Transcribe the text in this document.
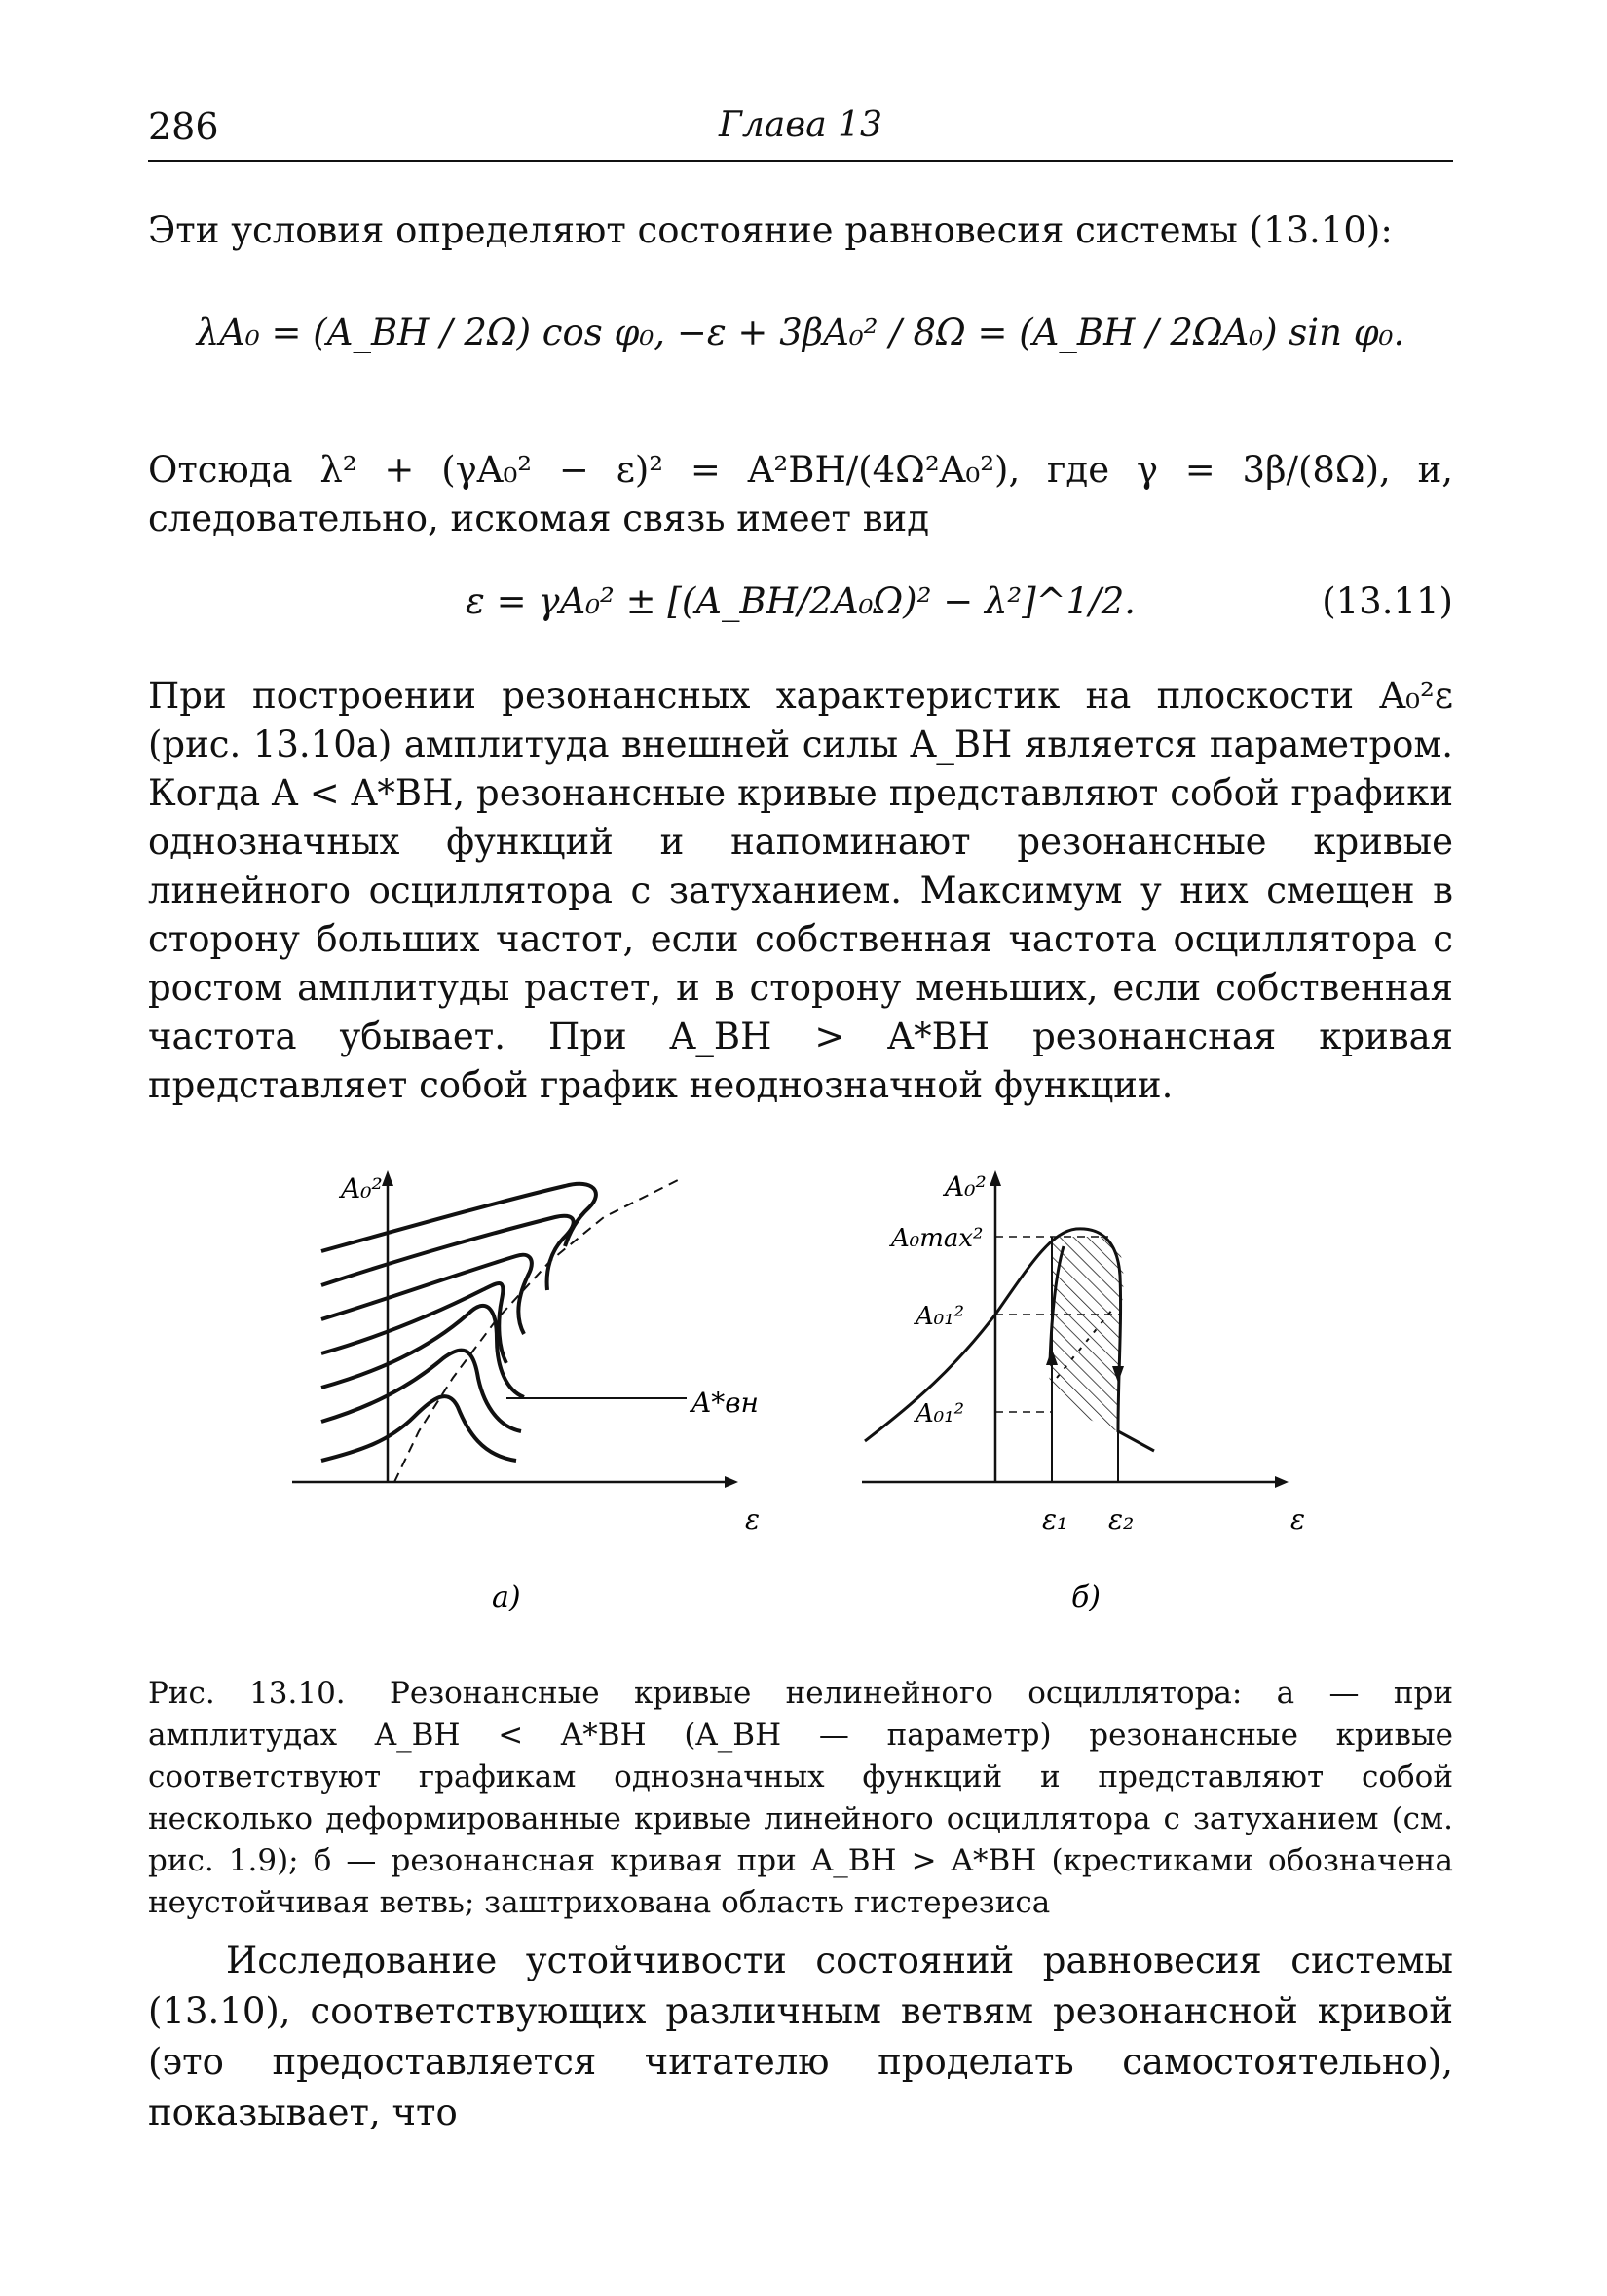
286	Глава 13

Эти условия определяют состояние равновесия системы (13.10):

λA₀ = (A_ВН / 2Ω) cos φ₀, −ε + 3βA₀² / 8Ω = (A_ВН / 2ΩA₀) sin φ₀.

Отсюда λ² + (γA₀² − ε)² = A²ВН/(4Ω²A₀²), где γ = 3β/(8Ω), и, следовательно, искомая связь имеет вид

ε = γA₀² ± [(A_ВН/2A₀Ω)² − λ²]^1/2.	(13.11)

При построении резонансных характеристик на плоскости A₀²ε (рис. 13.10а) амплитуда внешней силы A_ВН является параметром. Когда A < A*ВН, резонансные кривые представляют собой графики однозначных функций и напоминают резонансные кривые линейного осциллятора с затуханием. Максимум у них смещен в сторону больших частот, если собственная частота осциллятора с ростом амплитуды растет, и в сторону меньших, если собственная частота убывает. При A_ВН > A*ВН резонансная кривая представляет собой график неоднозначной функции.

A₀²
ε
A*вн
а)
A₀²
A₀max²
A₀₁²
A₀₁²
ε₁ ε₂	ε
б)

Рис. 13.10. Резонансные кривые нелинейного осциллятора: а — при амплитудах A_ВН < A*ВН (A_ВН — параметр) резонансные кривые соответствуют графикам однозначных функций и представляют собой несколько деформированные кривые линейного осциллятора с затуханием (см. рис. 1.9); б — резонансная кривая при A_ВН > A*ВН (крестиками обозначена неустойчивая ветвь; заштрихована область гистерезиса

Исследование устойчивости состояний равновесия системы (13.10), соответствующих различным ветвям резонансной кривой (это предоставляется читателю проделать самостоятельно), показывает, что
